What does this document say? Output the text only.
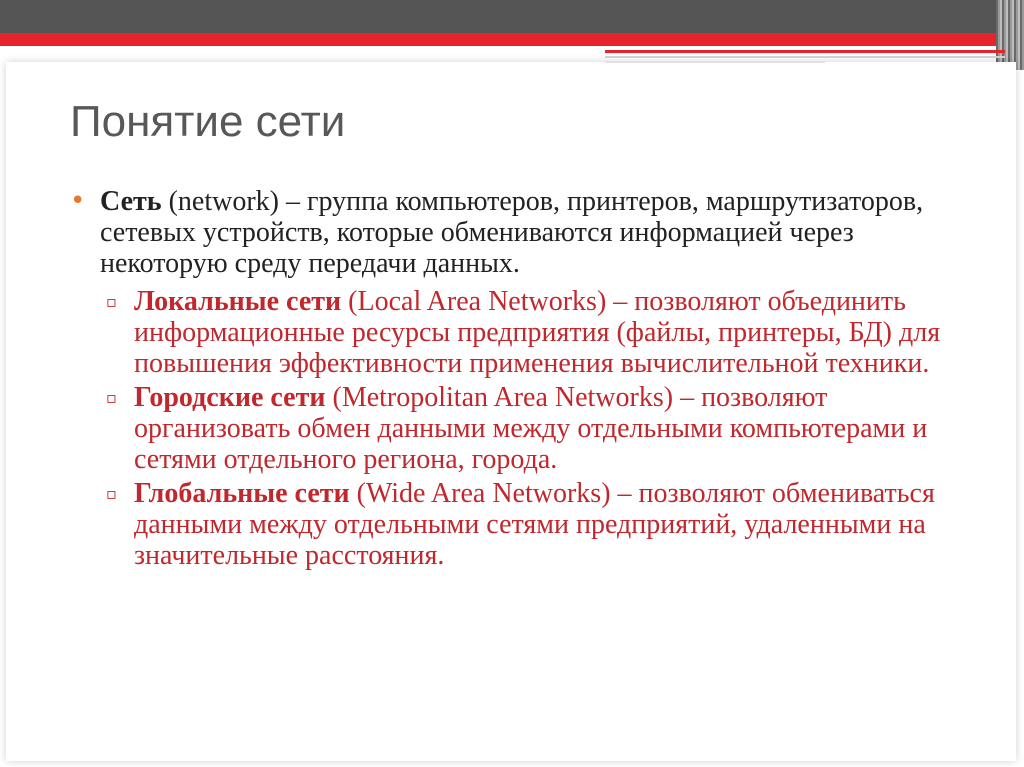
Понятие сети
• Сеть (network) – группа компьютеров, принтеров, маршрутизаторов, сетевых устройств, которые обмениваются информацией через некоторую среду передачи данных.
▫ Локальные сети (Local Area Networks) – позволяют объединить информационные ресурсы предприятия (файлы, принтеры, БД) для повышения эффективности применения вычислительной техники.
▫ Городские сети (Metropolitan Area Networks) – позволяют организовать обмен данными между отдельными компьютерами и сетями отдельного региона, города.
▫ Глобальные сети (Wide Area Networks) – позволяют обмениваться данными между отдельными сетями предприятий, удаленными на значительные расстояния.
